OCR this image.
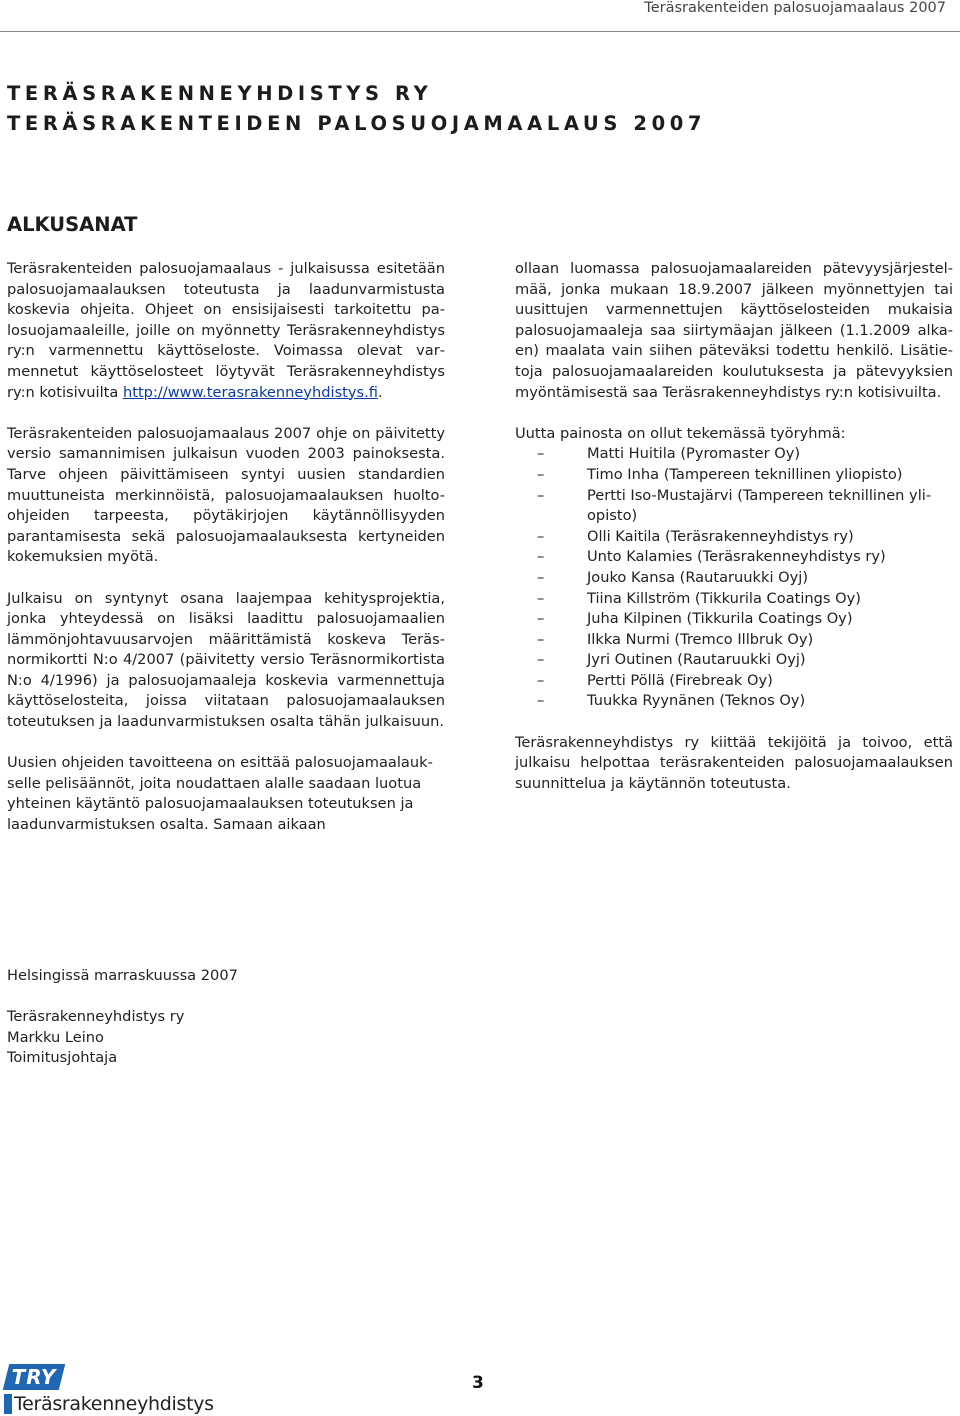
Teräsrakenteiden palosuojamaalaus 2007
TERÄSRAKENNEYHDISTYS RY
TERÄSRAKENTEIDEN PALOSUOJAMAALAUS 2007
ALKUSANAT

Teräsrakenteiden palosuojamaalaus - julkaisussa esitetään palosuojamaalauksen toteutusta ja laadunvarmistusta koskevia ohjeita. Ohjeet on ensisijaisesti tarkoitettu palosuojamaaleille, joille on myönnetty Teräsrakenneyhdistys ry:n varmennettu käyttöseloste. Voimassa olevat varmennetut käyttöselosteet löytyvät Teräsrakenneyhdistys ry:n kotisivuilta http://www.terasrakenneyhdistys.fi.

Teräsrakenteiden palosuojamaalaus 2007 ohje on päivitetty versio samannimisen julkaisun vuoden 2003 painoksesta. Tarve ohjeen päivittämiseen syntyi uusien standardien muuttuneista merkinnöistä, palosuojamaalauksen huolto-ohjeiden tarpeesta, pöytäkirjojen käytännöllisyyden parantamisesta sekä palosuojamaalauksesta kertyneiden kokemuksien myötä.

Julkaisu on syntynyt osana laajempaa kehitysprojektia, jonka yhteydessä on lisäksi laadittu palosuojamaalien lämmönjohtavuusarvojen määrittämistä koskeva Teräsnormikortti N:o 4/2007 (päivitetty versio Teräsnormikortista N:o 4/1996) ja palosuojamaaleja koskevia varmennettuja käyttöselosteita, joissa viitataan palosuojamaalauksen toteutuksen ja laadunvarmistuksen osalta tähän julkaisuun.

Uusien ohjeiden tavoitteena on esittää palosuojamaalaukselle pelisäännöt, joita noudattaen alalle saadaan luotua yhteinen käytäntö palosuojamaalauksen toteutuksen ja laadunvarmistuksen osalta. Samaan aikaan

ollaan luomassa palosuojamaalareiden pätevyysjärjestelmää, jonka mukaan 18.9.2007 jälkeen myönnettyjen tai uusittujen varmennettujen käyttöselosteiden mukaisia palosuojamaaleja saa siirtymäajan jälkeen (1.1.2009 alkaen) maalata vain siihen päteväksi todettu henkilö. Lisätietoja palosuojamaalareiden koulutuksesta ja pätevyyksien myöntämisestä saa Teräsrakenneyhdistys ry:n kotisivuilta.

Uutta painosta on ollut tekemässä työryhmä:
–	Matti Huitila (Pyromaster Oy)
–	Timo Inha (Tampereen teknillinen yliopisto)
–	Pertti Iso-Mustajärvi (Tampereen teknillinen yliopisto)
–	Olli Kaitila (Teräsrakenneyhdistys ry)
–	Unto Kalamies (Teräsrakenneyhdistys ry)
–	Jouko Kansa (Rautaruukki Oyj)
–	Tiina Killström (Tikkurila Coatings Oy)
–	Juha Kilpinen (Tikkurila Coatings Oy)
–	Ilkka Nurmi (Tremco Illbruk Oy)
–	Jyri Outinen (Rautaruukki Oyj)
–	Pertti Pöllä (Firebreak Oy)
–	Tuukka Ryynänen (Teknos Oy)

Teräsrakenneyhdistys ry kiittää tekijöitä ja toivoo, että julkaisu helpottaa teräsrakenteiden palosuojamaalauksen suunnittelua ja käytännön toteutusta.

Helsingissä marraskuussa 2007
Teräsrakenneyhdistys ry
Markku Leino
Toimitusjohtaja
TRY
Teräsrakenneyhdistys
3
